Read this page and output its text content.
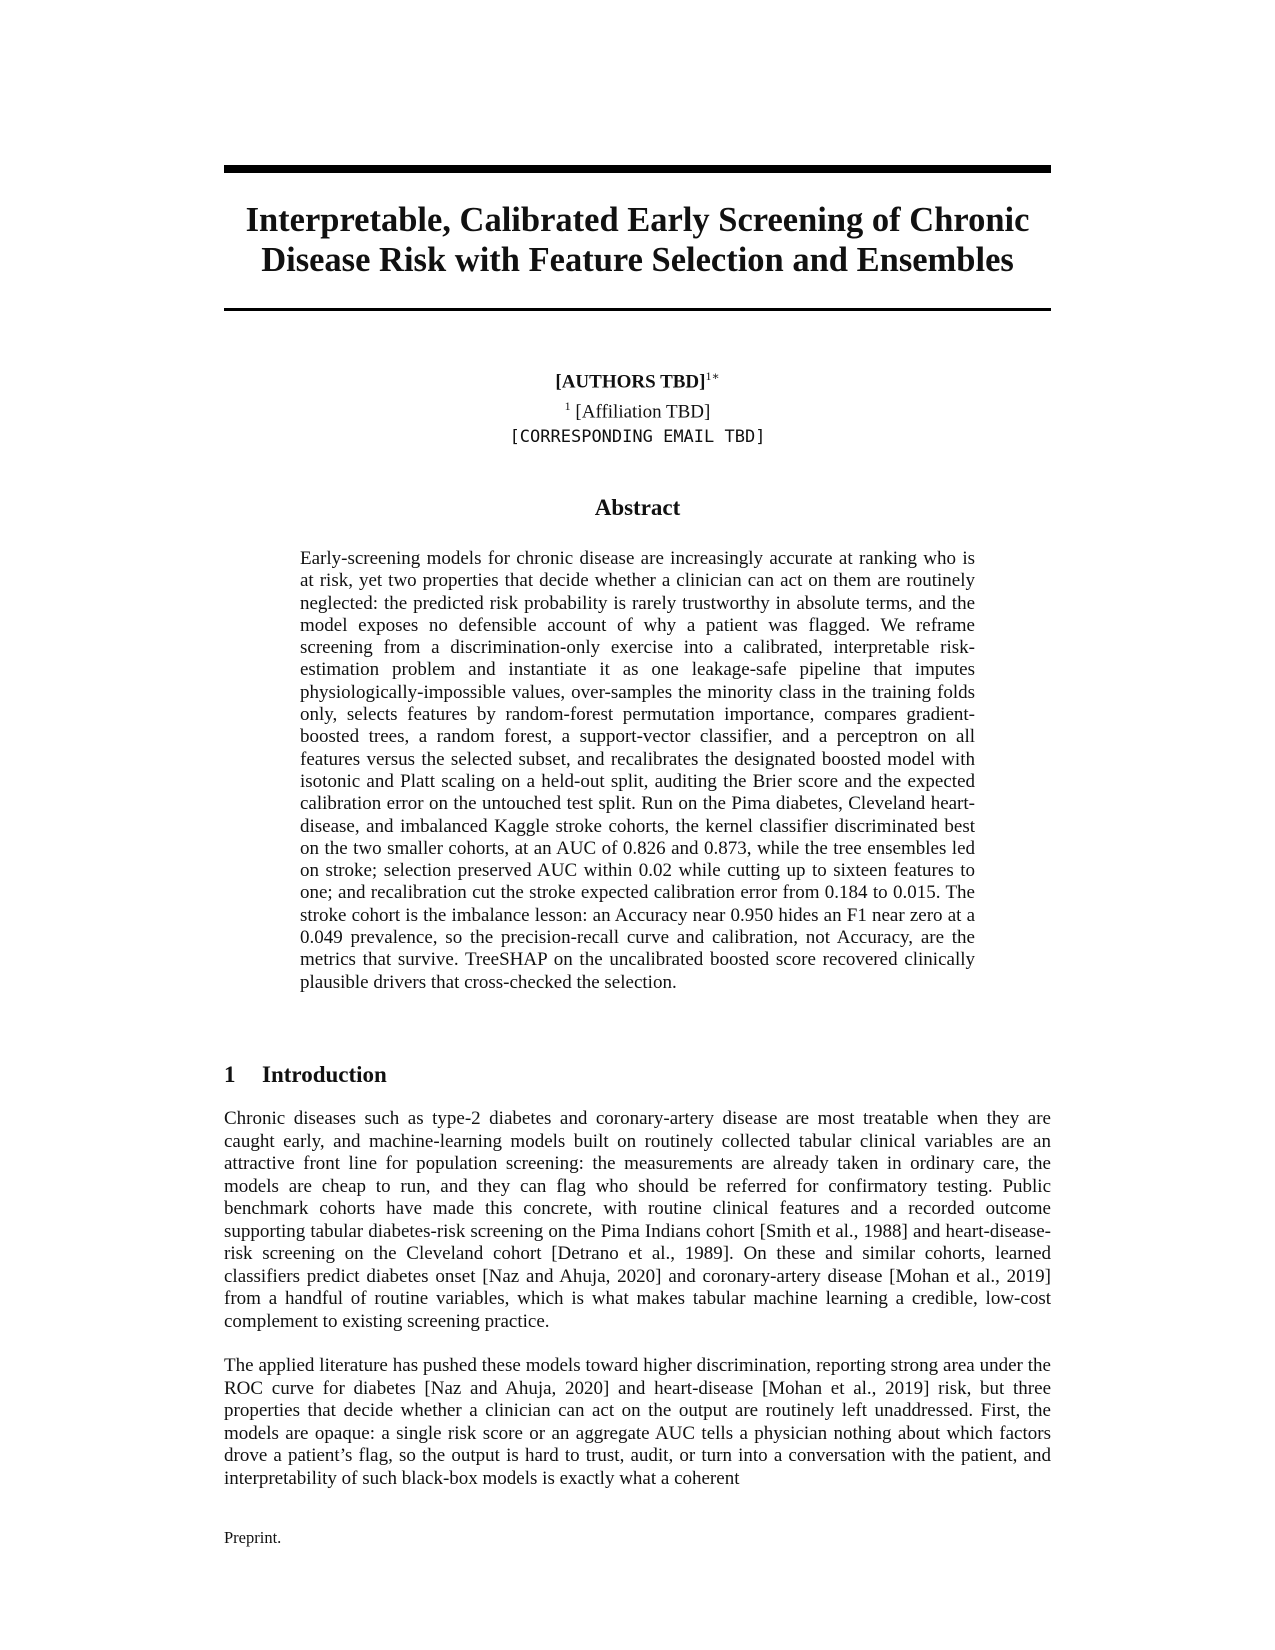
Interpretable, Calibrated Early Screening of Chronic
Disease Risk with Feature Selection and Ensembles
[AUTHORS TBD]$^{1∗}$
$^1$ [Affiliation TBD]
[CORRESPONDING EMAIL TBD]
Abstract

Early-screening models for chronic disease are increasingly accurate at ranking who is at risk, yet two properties that decide whether a clinician can act on them are routinely neglected: the predicted risk probability is rarely trustworthy in absolute terms, and the model exposes no defensible account of why a patient was flagged. We reframe screening from a discrimination-only exercise into a calibrated, interpretable risk-estimation problem and instantiate it as one leakage-safe pipeline that imputes physiologically-impossible values, over-samples the minority class in the training folds only, selects features by random-forest permutation importance, compares gradient-boosted trees, a random forest, a support-vector classifier, and a perceptron on all features versus the selected subset, and recalibrates the designated boosted model with isotonic and Platt scaling on a held-out split, auditing the Brier score and the expected calibration error on the untouched test split. Run on the Pima diabetes, Cleveland heart-disease, and imbalanced Kaggle stroke cohorts, the kernel classifier discriminated best on the two smaller cohorts, at an AUC of 0.826 and 0.873, while the tree ensembles led on stroke; selection preserved AUC within 0.02 while cutting up to sixteen features to one; and recalibration cut the stroke expected calibration error from 0.184 to 0.015. The stroke cohort is the imbalance lesson: an Accuracy near 0.950 hides an F1 near zero at a 0.049 prevalence, so the precision-recall curve and calibration, not Accuracy, are the metrics that survive. TreeSHAP on the uncalibrated boosted score recovered clinically plausible drivers that cross-checked the selection.

1 Introduction

Chronic diseases such as type-2 diabetes and coronary-artery disease are most treatable when they are caught early, and machine-learning models built on routinely collected tabular clinical variables are an attractive front line for population screening: the measurements are already taken in ordinary care, the models are cheap to run, and they can flag who should be referred for confirmatory testing. Public benchmark cohorts have made this concrete, with routine clinical features and a recorded outcome supporting tabular diabetes-risk screening on the Pima Indians cohort [Smith et al., 1988] and heart-disease-risk screening on the Cleveland cohort [Detrano et al., 1989]. On these and similar cohorts, learned classifiers predict diabetes onset [Naz and Ahuja, 2020] and coronary-artery disease [Mohan et al., 2019] from a handful of routine variables, which is what makes tabular machine learning a credible, low-cost complement to existing screening practice.

The applied literature has pushed these models toward higher discrimination, reporting strong area under the ROC curve for diabetes [Naz and Ahuja, 2020] and heart-disease [Mohan et al., 2019] risk, but three properties that decide whether a clinician can act on the output are routinely left unaddressed. First, the models are opaque: a single risk score or an aggregate AUC tells a physician nothing about which factors drove a patient’s flag, so the output is hard to trust, audit, or turn into a conversation with the patient, and interpretability of such black-box models is exactly what a coherent

Preprint.
